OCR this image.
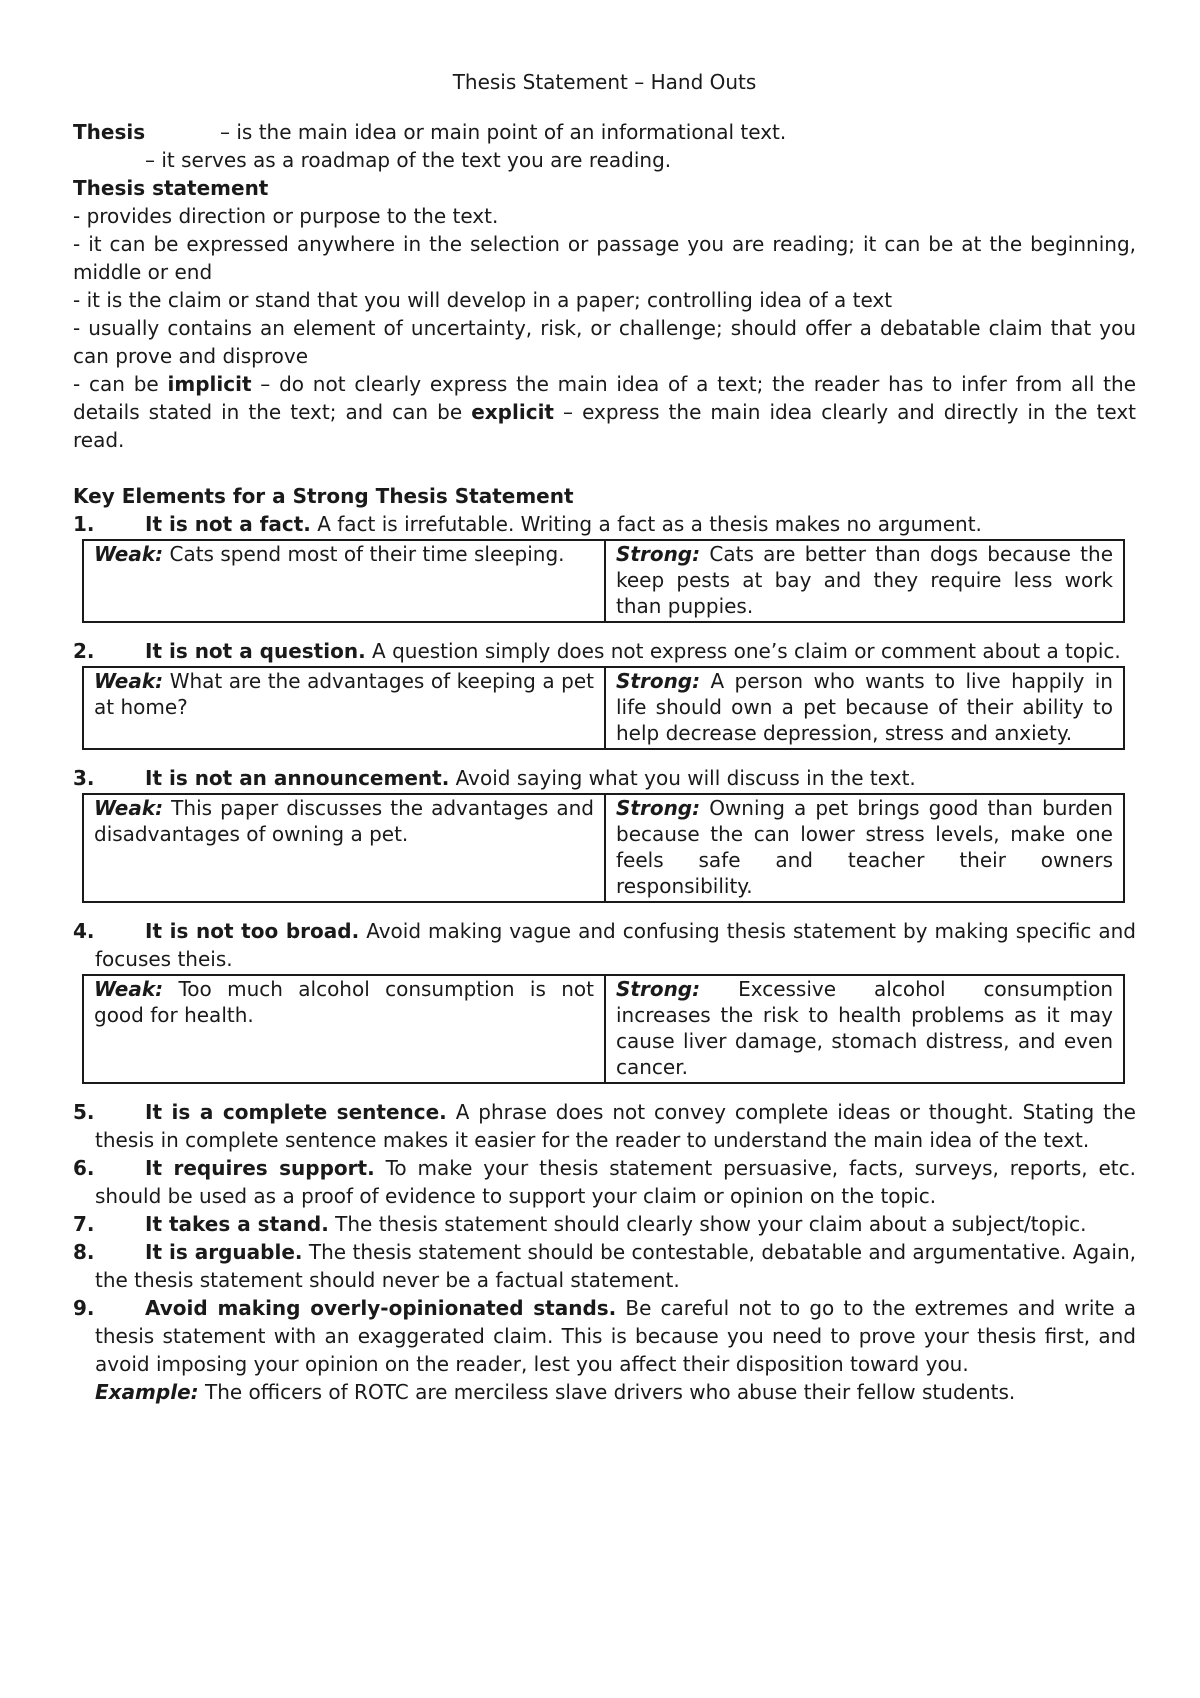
Thesis Statement – Hand Outs

Thesis	– is the main idea or main point of an informational text.

– it serves as a roadmap of the text you are reading.

Thesis statement

- provides direction or purpose to the text.

- it can be expressed anywhere in the selection or passage you are reading; it can be at the beginning, middle or end

- it is the claim or stand that you will develop in a paper; controlling idea of a text

- usually contains an element of uncertainty, risk, or challenge; should offer a debatable claim that you can prove and disprove

- can be implicit – do not clearly express the main idea of a text; the reader has to infer from all the details stated in the text; and can be explicit – express the main idea clearly and directly in the text read.

Key Elements for a Strong Thesis Statement

1.	It is not a fact. A fact is irrefutable. Writing a fact as a thesis makes no argument.
Weak: Cats spend most of their time sleeping.	Strong: Cats are better than dogs because the keep pests at bay and they require less work than puppies.
2.	It is not a question. A question simply does not express one’s claim or comment about a topic.
Weak: What are the advantages of keeping a pet at home?	Strong: A person who wants to live happily in life should own a pet because of their ability to help decrease depression, stress and anxiety.
3.	It is not an announcement. Avoid saying what you will discuss in the text.
Weak: This paper discusses the advantages and disadvantages of owning a pet.	Strong: Owning a pet brings good than burden because the can lower stress levels, make one feels safe and teacher their owners responsibility.
4.	It is not too broad. Avoid making vague and confusing thesis statement by making specific and focuses theis.
Weak: Too much alcohol consumption is not good for health.	Strong: Excessive alcohol consumption increases the risk to health problems as it may cause liver damage, stomach distress, and even cancer.
5.	It is a complete sentence. A phrase does not convey complete ideas or thought. Stating the thesis in complete sentence makes it easier for the reader to understand the main idea of the text.
6.	It requires support. To make your thesis statement persuasive, facts, surveys, reports, etc. should be used as a proof of evidence to support your claim or opinion on the topic.
7.	It takes a stand. The thesis statement should clearly show your claim about a subject/topic.
8.	It is arguable. The thesis statement should be contestable, debatable and argumentative. Again, the thesis statement should never be a factual statement.
9.	Avoid making overly-opinionated stands. Be careful not to go to the extremes and write a thesis statement with an exaggerated claim. This is because you need to prove your thesis first, and avoid imposing your opinion on the reader, lest you affect their disposition toward you.

Example: The officers of ROTC are merciless slave drivers who abuse their fellow students.
